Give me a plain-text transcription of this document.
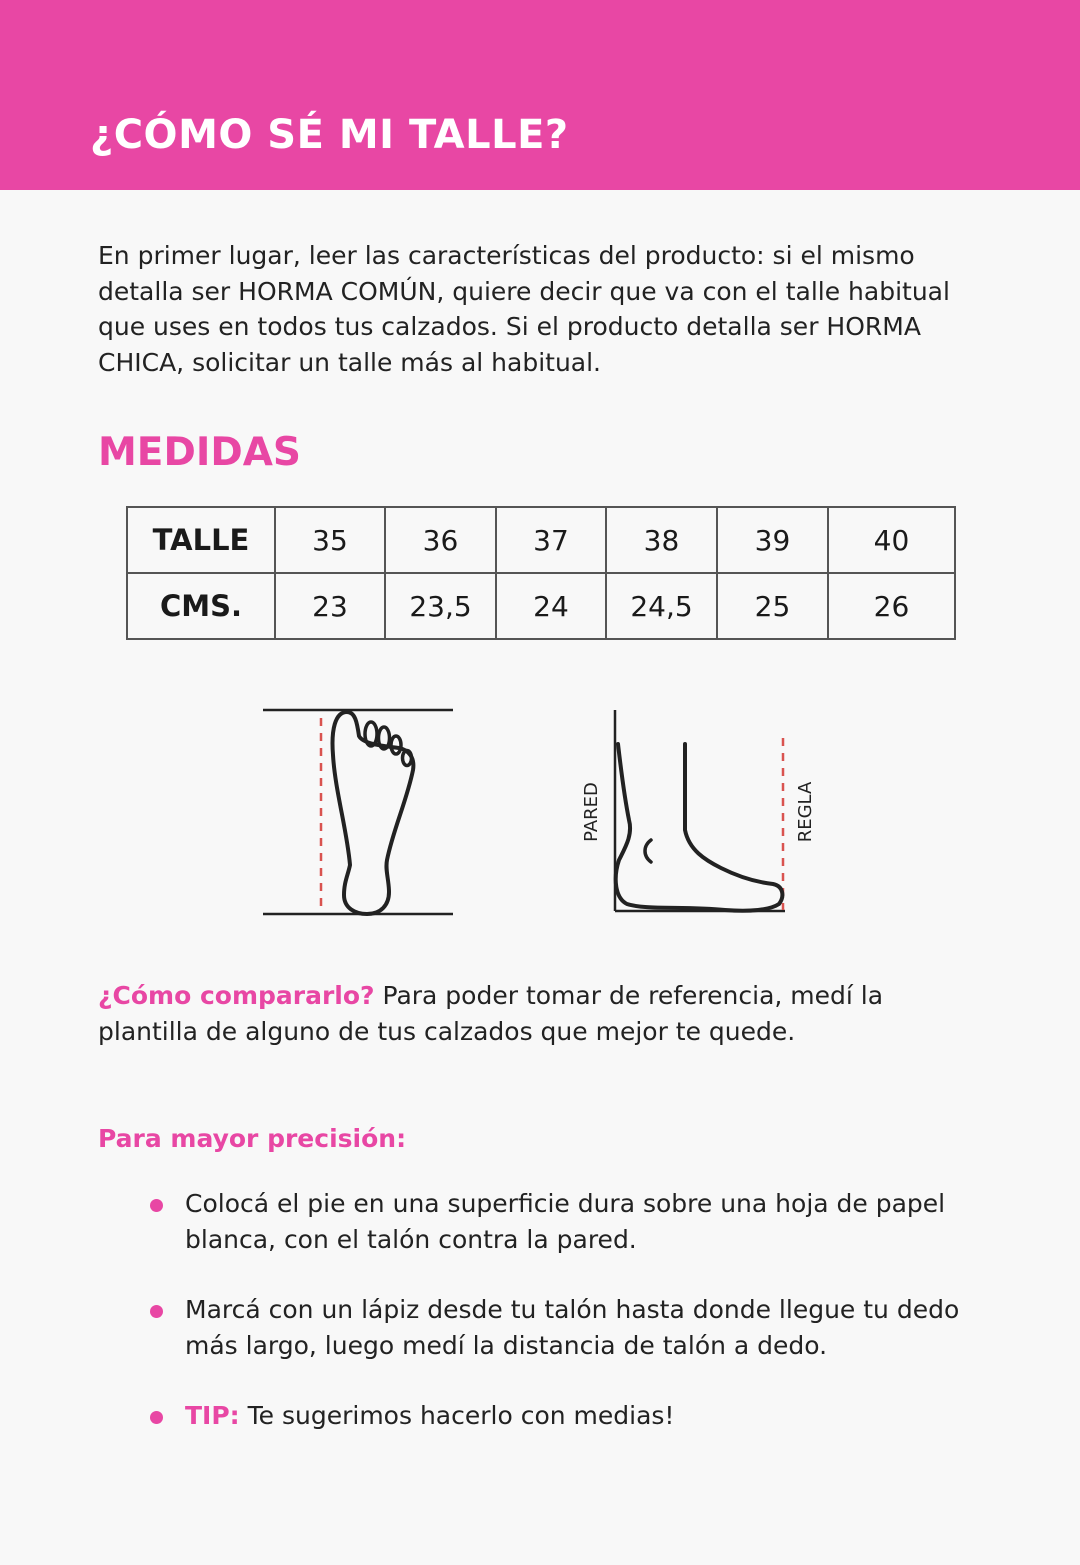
¿CÓMO SÉ MI TALLE?
En primer lugar, leer las características del producto: si el mismo detalla ser HORMA COMÚN, quiere decir que va con el talle habitual que uses en todos tus calzados. Si el producto detalla ser HORMA CHICA, solicitar un talle más al habitual.
MEDIDAS
TALLE	35	36	37	38	39	40
CMS.	23	23,5	24	24,5	25	26
PARED	REGLA
¿Cómo compararlo? Para poder tomar de referencia, medí la plantilla de alguno de tus calzados que mejor te quede.
Para mayor precisión:
Colocá el pie en una superficie dura sobre una hoja de papel blanca, con el talón contra la pared.
Marcá con un lápiz desde tu talón hasta donde llegue tu dedo más largo, luego medí la distancia de talón a dedo.
TIP: Te sugerimos hacerlo con medias!
